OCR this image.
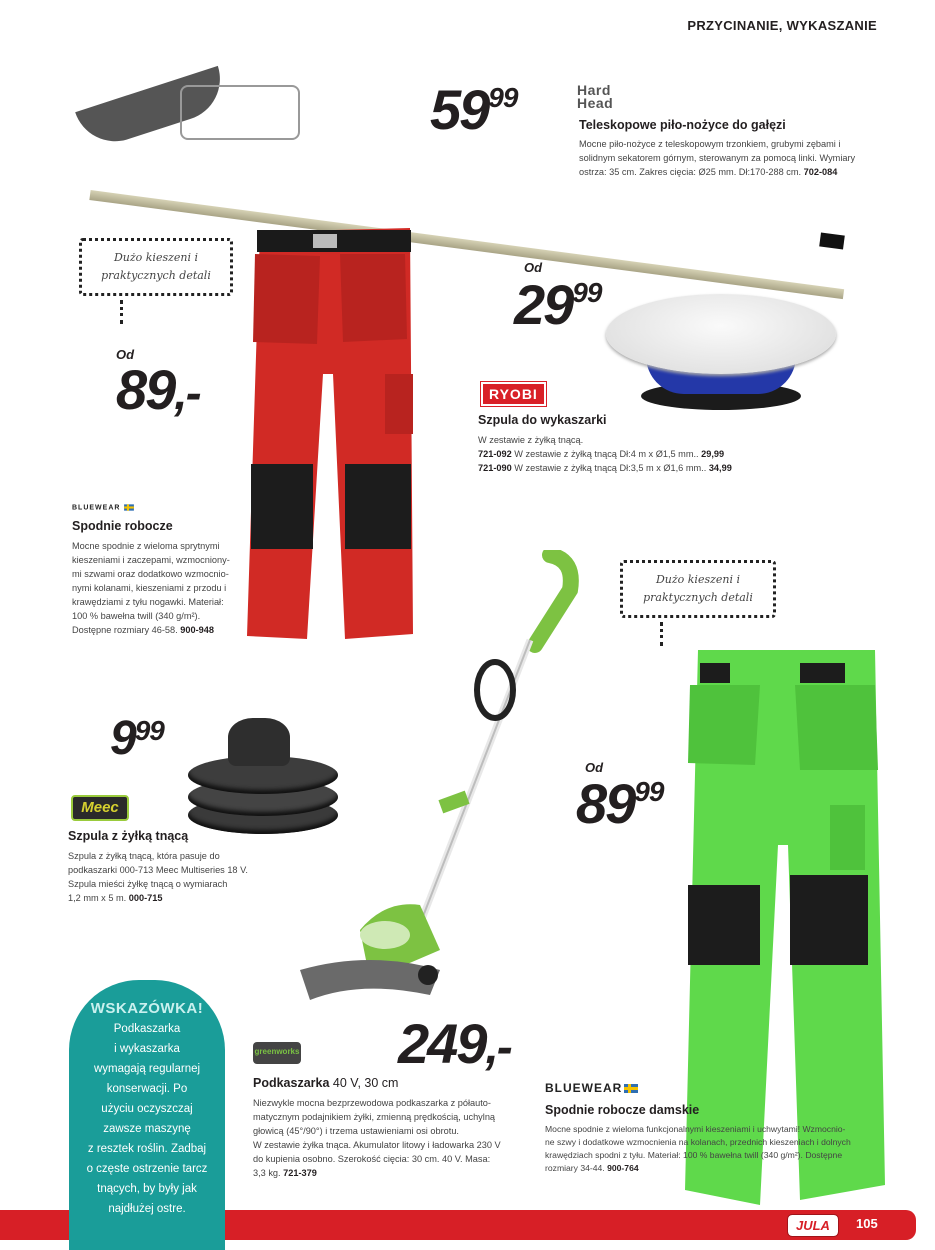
PRZYCINANIE, WYKASZANIE
5999	Hard
Head
Teleskopowe piło-nożyce do gałęzi
Mocne piło-nożyce z teleskopowym trzonkiem, grubymi zębami i
solidnym sekatorem górnym, sterowanym za pomocą linki. Wymiary
ostrza: 35 cm. Zakres cięcia: Ø25 mm. Dł:170-288 cm. 702-084
Dużo kieszeni i
praktycznych detali
Od
89,-
BLUEWEAR
Spodnie robocze
Mocne spodnie z wieloma sprytnymi
kieszeniami i zaczepami, wzmocniony-
mi szwami oraz dodatkowo wzmocnio-
nymi kolanami, kieszeniami z przodu i
krawędziami z tyłu nogawki. Materiał:
100 % bawełna twill (340 g/m²).
Dostępne rozmiary 46-58. 900-948
Od
2999
RYOBI
Szpula do wykaszarki
W zestawie z żyłką tnącą.
721-092 W zestawie z żyłką tnącą Dł:4 m x Ø1,5 mm.. 29,99
721-090 W zestawie z żyłką tnącą Dł:3,5 m x Ø1,6 mm.. 34,99
999
Meec
Szpula z żyłką tnącą
Szpula z żyłką tnącą, która pasuje do
podkaszarki 000-713 Meec Multiseries 18 V.
Szpula mieści żyłkę tnącą o wymiarach
1,2 mm x 5 m. 000-715
249,-
greenworks
Podkaszarka 40 V, 30 cm
Niezwykle mocna bezprzewodowa podkaszarka z półauto-
matycznym podajnikiem żyłki, zmienną prędkością, uchylną
głowicą (45°/90°) i trzema ustawieniami osi obrotu.
W zestawie żyłka tnąca. Akumulator litowy i ładowarka 230 V
do kupienia osobno. Szerokość cięcia: 30 cm. 40 V. Masa:
3,3 kg. 721-379
Dużo kieszeni i
praktycznych detali
Od
8999
BLUEWEAR
Spodnie robocze damskie
Mocne spodnie z wieloma funkcjonalnymi kieszeniami i uchwytami! Wzmocnio-
ne szwy i dodatkowe wzmocnienia na kolanach, przednich kieszeniach i dolnych
krawędziach spodni z tyłu. Materiał: 100 % bawełna twill (340 g/m²). Dostępne
rozmiary 34-44. 900-764
JULA	105
WSKAZÓWKA!
Podkaszarka
i wykaszarka
wymagają regularnej
konserwacji. Po
użyciu oczyszczaj
zawsze maszynę
z resztek roślin. Zadbaj
o częste ostrzenie tarcz
tnących, by były jak
najdłużej ostre.
